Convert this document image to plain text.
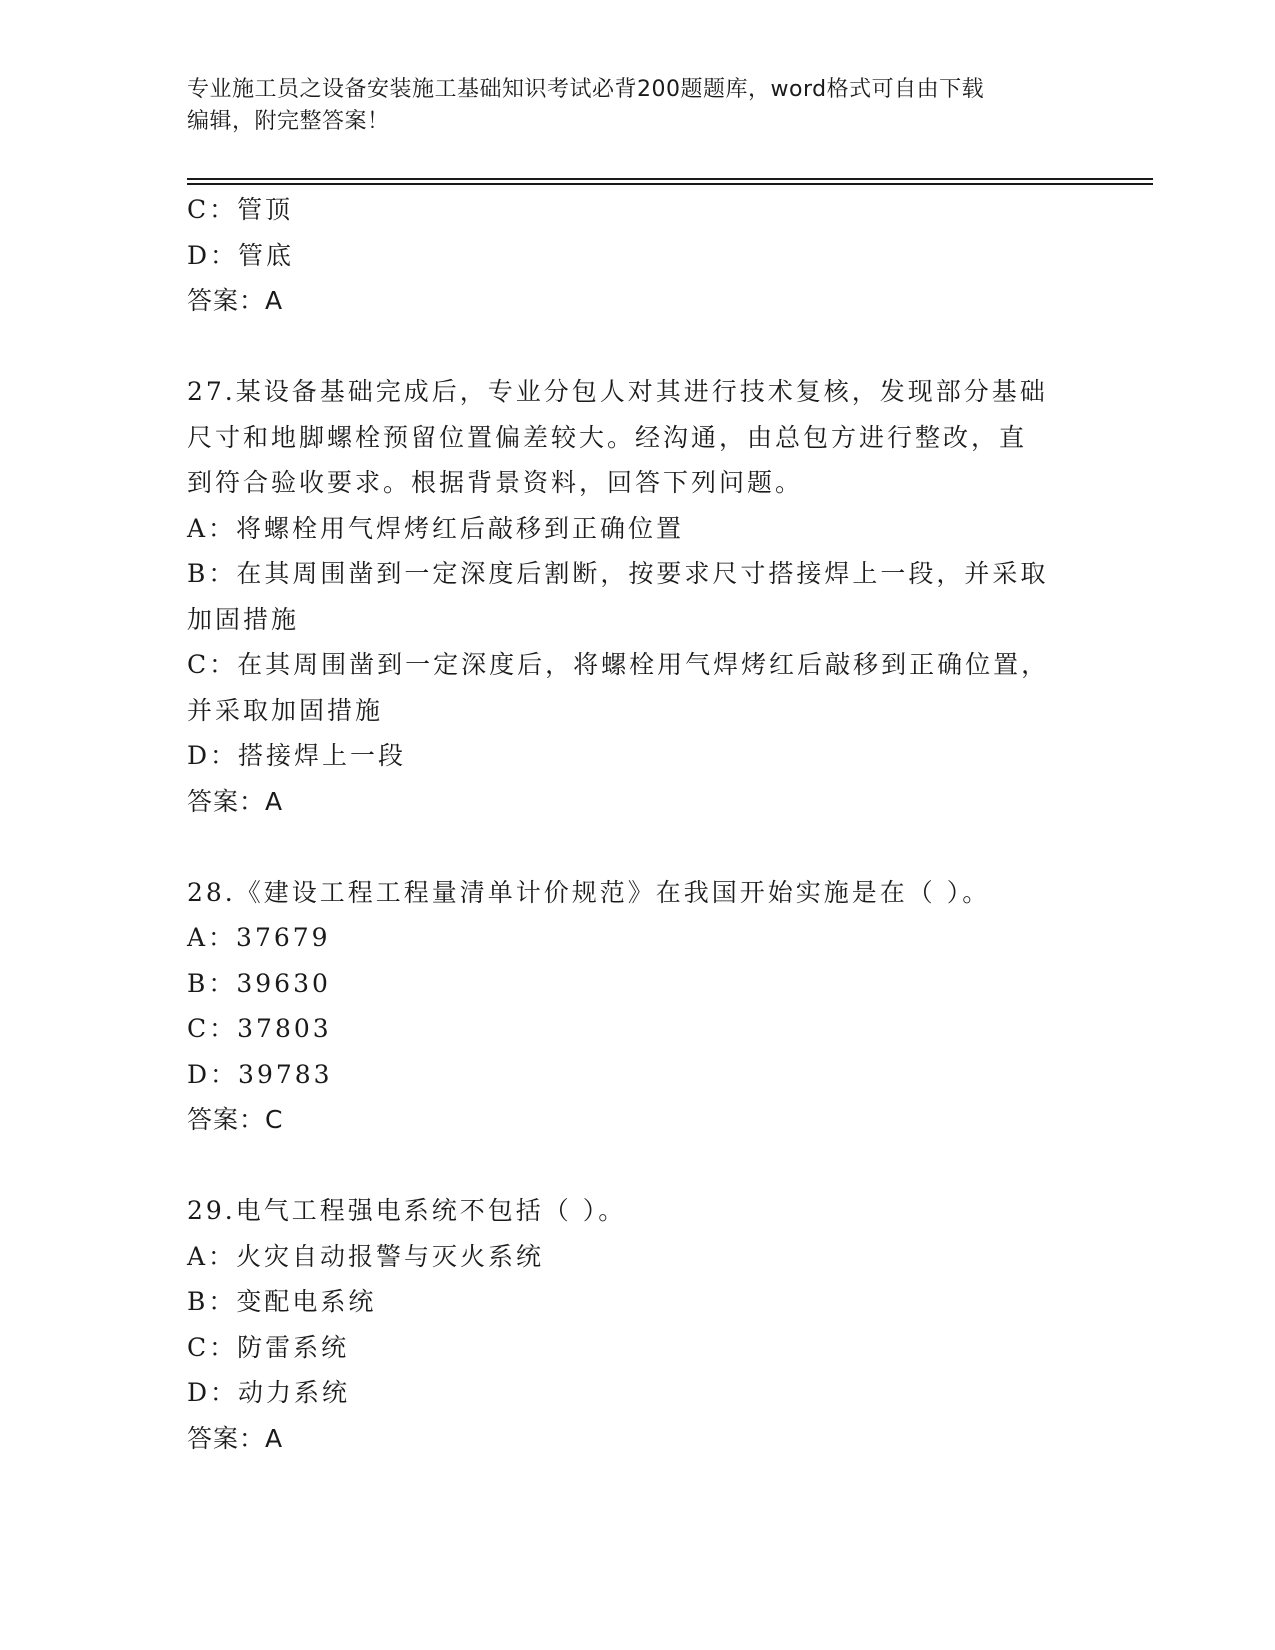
专业施工员之设备安装施工基础知识考试必背200题题库，word格式可自由下载
编辑，附完整答案！
C：管顶
D：管底
答案：A
27.某设备基础完成后，专业分包人对其进行技术复核，发现部分基础
尺寸和地脚螺栓预留位置偏差较大。经沟通，由总包方进行整改，直
到符合验收要求。根据背景资料，回答下列问题。
A：将螺栓用气焊烤红后敲移到正确位置
B：在其周围凿到一定深度后割断，按要求尺寸搭接焊上一段，并采取
加固措施
C：在其周围凿到一定深度后，将螺栓用气焊烤红后敲移到正确位置，
并采取加固措施
D：搭接焊上一段
答案：A
28.《建设工程工程量清单计价规范》在我国开始实施是在（ ）。
A：37679
B：39630
C：37803
D：39783
答案：C
29.电气工程强电系统不包括（ ）。
A：火灾自动报警与灭火系统
B：变配电系统
C：防雷系统
D：动力系统
答案：A
